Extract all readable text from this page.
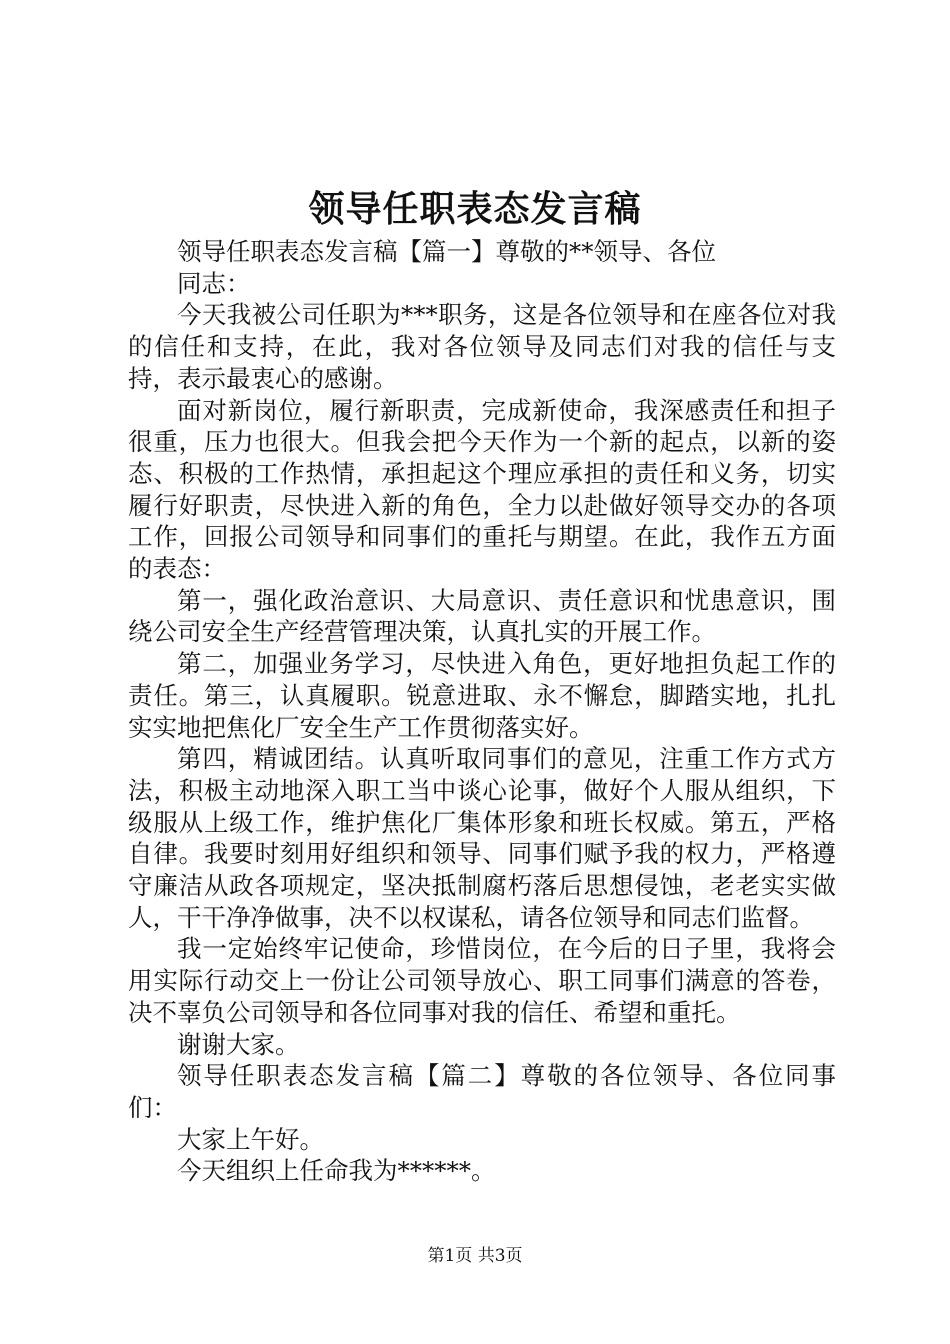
领导任职表态发言稿

领导任职表态发言稿【篇一】尊敬的**领导、各位

同志：

今天我被公司任职为***职务，这是各位领导和在座各位对我的信任和支持，在此，我对各位领导及同志们对我的信任与支持，表示最衷心的感谢。

面对新岗位，履行新职责，完成新使命，我深感责任和担子很重，压力也很大。但我会把今天作为一个新的起点，以新的姿态、积极的工作热情，承担起这个理应承担的责任和义务，切实履行好职责，尽快进入新的角色，全力以赴做好领导交办的各项工作，回报公司领导和同事们的重托与期望。在此，我作五方面的表态：

第一，强化政治意识、大局意识、责任意识和忧患意识，围绕公司安全生产经营管理决策，认真扎实的开展工作。

第二，加强业务学习，尽快进入角色，更好地担负起工作的责任。第三，认真履职。锐意进取、永不懈怠，脚踏实地，扎扎实实地把焦化厂安全生产工作贯彻落实好。

第四，精诚团结。认真听取同事们的意见，注重工作方式方法，积极主动地深入职工当中谈心论事，做好个人服从组织，下级服从上级工作，维护焦化厂集体形象和班长权威。第五，严格自律。我要时刻用好组织和领导、同事们赋予我的权力，严格遵守廉洁从政各项规定，坚决抵制腐朽落后思想侵蚀，老老实实做人，干干净净做事，决不以权谋私，请各位领导和同志们监督。

我一定始终牢记使命，珍惜岗位，在今后的日子里，我将会用实际行动交上一份让公司领导放心、职工同事们满意的答卷，决不辜负公司领导和各位同事对我的信任、希望和重托。

谢谢大家。

领导任职表态发言稿【篇二】尊敬的各位领导、各位同事们：

大家上午好。

今天组织上任命我为******。

第1页 共3页
